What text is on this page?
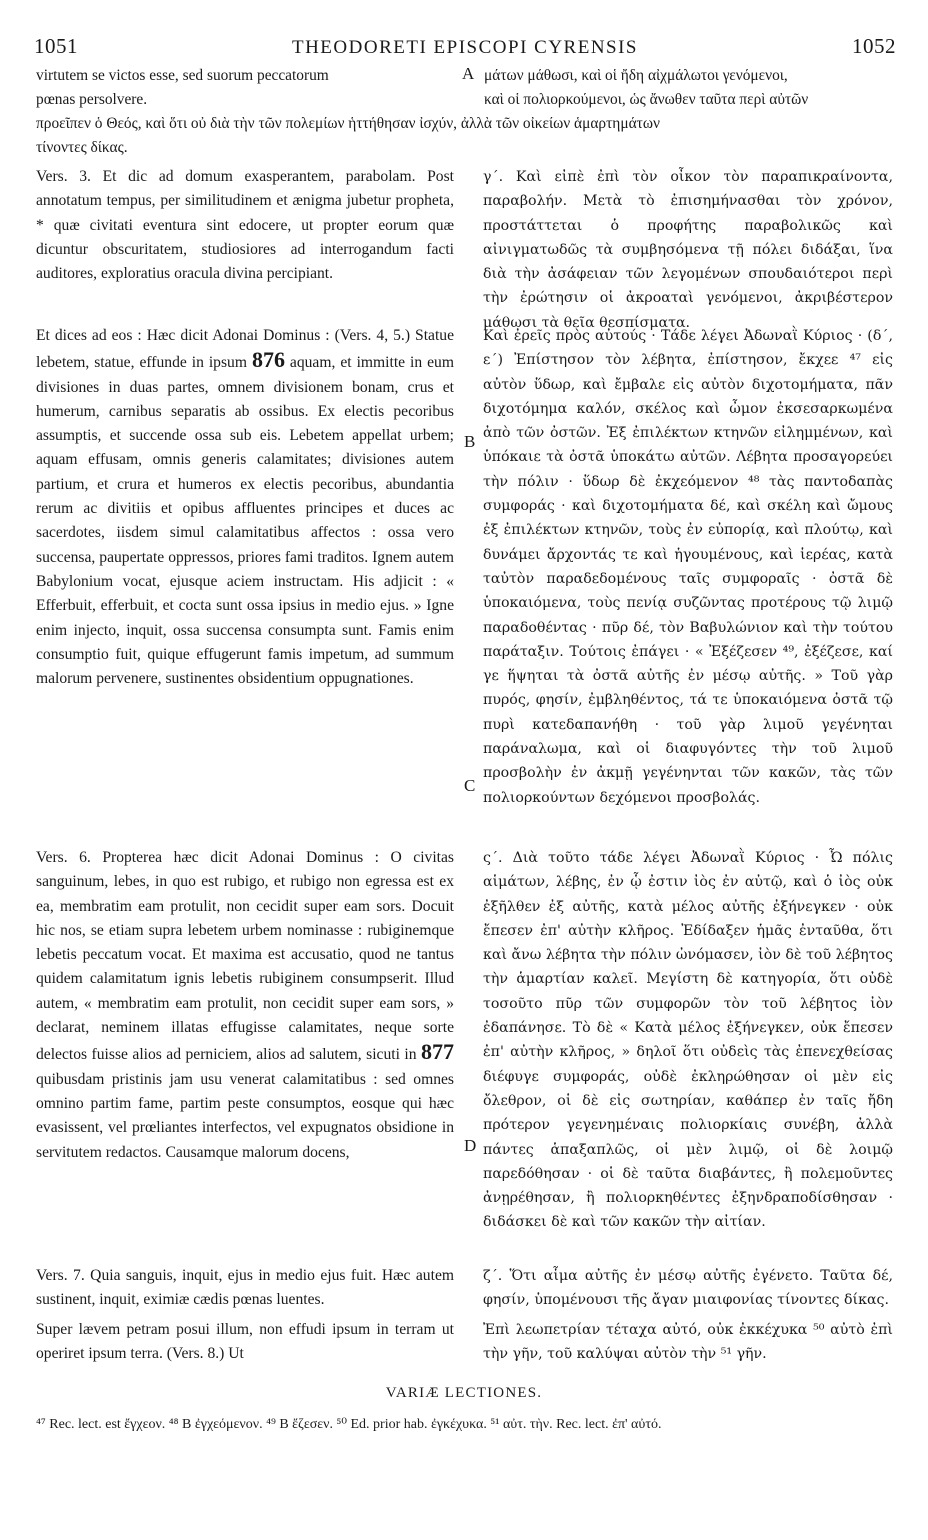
1051	THEODORETI EPISCOPI CYRENSIS	1052
virtutem se victos esse, sed suorum peccatorum	A μάτων μάθωσι, καὶ οἱ ἤδη αἰχμάλωτοι γενόμενοι,
pœnas persolvere.	καὶ οἱ πολιορκούμενοι, ὡς ἄνωθεν ταῦτα περὶ αὐτῶν
προεῖπεν ὁ Θεός, καὶ ὅτι οὐ διὰ τὴν τῶν πολεμίων ἡττήθησαν ἰσχύν, ἀλλὰ τῶν οἰκείων ἁμαρτημάτων
τίνοντες δίκας.
Vers. 3. Et dic ad domum exasperantem, parabolam. Post annotatum tempus, per similitudinem et ænigma jubetur propheta, * quæ civitati eventura sint edocere, ut propter eorum quæ dicuntur obscuritatem, studiosiores ad interrogandum facti auditores, exploratius oracula divina percipiant.
Et dices ad eos : Hæc dicit Adonai Dominus : (Vers. 4, 5.) Statue lebetem, statue, effunde in ipsum 876 aquam, et immitte in eum divisiones in duas partes, omnem divisionem bonam, crus et humerum, carnibus separatis ab ossibus. Ex electis pecoribus assumptis, et succende ossa sub eis. Lebetem appellat urbem; aquam effusam, omnis generis calamitates; divisiones autem partium, et crura et humeros ex electis pecoribus, abundantia rerum ac divitiis et opibus affluentes principes et duces ac sacerdotes, iisdem simul calamitatibus affectos : ossa vero succensa, paupertate oppressos, priores fami traditos. Ignem autem Babylonium vocat, ejusque aciem instructam. His adjicit : « Efferbuit, efferbuit, et cocta sunt ossa ipsius in medio ejus. » Igne enim injecto, inquit, ossa succensa consumpta sunt. Famis enim consumptio fuit, quique effugerunt famis impetum, ad summum malorum pervenere, sustinentes obsidentium oppugnationes.
Vers. 6. Propterea hæc dicit Adonai Dominus : O civitas sanguinum, lebes, in quo est rubigo, et rubigo non egressa est ex ea, membratim eam protulit, non cecidit super eam sors. Docuit hic nos, se etiam supra lebetem urbem nominasse : rubiginemque lebetis peccatum vocat. Et maxima est accusatio, quod ne tantus quidem calamitatum ignis lebetis rubiginem consumpserit. Illud autem, « membratim eam protulit, non cecidit super eam sors, » declarat, neminem illatas effugisse calamitates, neque sorte delectos fuisse alios ad perniciem, alios ad salutem, sicuti in 877 quibusdam pristinis jam usu venerat calamitatibus : sed omnes omnino partim fame, partim peste consumptos, eosque qui hæc evasissent, vel prœliantes interfectos, vel expugnatos obsidione in servitutem redactos. Causamque malorum docens,
Vers. 7. Quia sanguis, inquit, ejus in medio ejus fuit. Hæc autem sustinent, inquit, eximiæ cædis pœnas luentes.
Super lævem petram posui illum, non effudi ipsum in terram ut operiret ipsum terra. (Vers. 8.) Ut
B
C
D
γ΄. Καὶ εἰπὲ ἐπὶ τὸν οἶκον τὸν παραπικραίνοντα, παραβολήν. Μετὰ τὸ ἐπισημήνασθαι τὸν χρόνον, προστάττεται ὁ προφήτης παραβολικῶς καὶ αἰνιγματωδῶς τὰ συμβησόμενα τῇ πόλει διδάξαι, ἵνα διὰ τὴν ἀσάφειαν τῶν λεγομένων σπουδαιότεροι περὶ τὴν ἐρώτησιν οἱ ἀκροαταὶ γενόμενοι, ἀκριβέστερον μάθωσι τὰ θεῖα θεσπίσματα.
Καὶ ἐρεῖς πρὸς αὐτούς · Τάδε λέγει Ἀδωναῒ Κύριος · (δ΄, ε΄) Ἐπίστησον τὸν λέβητα, ἐπίστησον, ἔκχεε ⁴⁷ εἰς αὐτὸν ὕδωρ, καὶ ἔμβαλε εἰς αὐτὸν διχοτομήματα, πᾶν διχοτόμημα καλόν, σκέλος καὶ ὦμον ἐκσεσαρκωμένα ἀπὸ τῶν ὀστῶν. Ἐξ ἐπιλέκτων κτηνῶν εἰλημμένων, καὶ ὑπόκαιε τὰ ὀστᾶ ὑποκάτω αὐτῶν. Λέβητα προσαγορεύει τὴν πόλιν · ὕδωρ δὲ ἐκχεόμενον ⁴⁸ τὰς παντοδαπὰς συμφοράς · καὶ διχοτομήματα δέ, καὶ σκέλη καὶ ὤμους ἐξ ἐπιλέκτων κτηνῶν, τοὺς ἐν εὐπορίᾳ, καὶ πλούτῳ, καὶ δυνάμει ἄρχοντάς τε καὶ ἡγουμένους, καὶ ἱερέας, κατὰ ταὐτὸν παραδεδομένους ταῖς συμφοραῖς · ὀστᾶ δὲ ὑποκαιόμενα, τοὺς πενίᾳ συζῶντας προτέρους τῷ λιμῷ παραδοθέντας · πῦρ δέ, τὸν Βαβυλώνιον καὶ τὴν τούτου παράταξιν. Τούτοις ἐπάγει · « Ἐξέζεσεν ⁴⁹, ἐξέζεσε, καί γε ἥψηται τὰ ὀστᾶ αὐτῆς ἐν μέσῳ αὐτῆς. » Τοῦ γὰρ πυρός, φησίν, ἐμβληθέντος, τά τε ὑποκαιόμενα ὀστᾶ τῷ πυρὶ κατεδαπανήθη · τοῦ γὰρ λιμοῦ γεγένηται παράναλωμα, καὶ οἱ διαφυγόντες τὴν τοῦ λιμοῦ προσβολὴν ἐν ἀκμῇ γεγένηνται τῶν κακῶν, τὰς τῶν πολιορκούντων δεχόμενοι προσβολάς.
ς΄. Διὰ τοῦτο τάδε λέγει Ἀδωναῒ Κύριος · Ὦ πόλις αἱμάτων, λέβης, ἐν ᾧ ἐστιν ἰὸς ἐν αὐτῷ, καὶ ὁ ἰὸς οὐκ ἐξῆλθεν ἐξ αὐτῆς, κατὰ μέλος αὐτῆς ἐξήνεγκεν · οὐκ ἔπεσεν ἐπ' αὐτὴν κλῆρος. Ἐδίδαξεν ἡμᾶς ἐνταῦθα, ὅτι καὶ ἄνω λέβητα τὴν πόλιν ὠνόμασεν, ἰὸν δὲ τοῦ λέβητος τὴν ἁμαρτίαν καλεῖ. Μεγίστη δὲ κατηγορία, ὅτι οὐδὲ τοσοῦτο πῦρ τῶν συμφορῶν τὸν τοῦ λέβητος ἰὸν ἐδαπάνησε. Τὸ δὲ « Κατὰ μέλος ἐξήνεγκεν, οὐκ ἔπεσεν ἐπ' αὐτὴν κλῆρος, » δηλοῖ ὅτι οὐδεὶς τὰς ἐπενεχθείσας διέφυγε συμφοράς, οὐδὲ ἐκληρώθησαν οἱ μὲν εἰς ὄλεθρον, οἱ δὲ εἰς σωτηρίαν, καθάπερ ἐν ταῖς ἤδη πρότερον γεγενημέναις πολιορκίαις συνέβη, ἀλλὰ πάντες ἁπαξαπλῶς, οἱ μὲν λιμῷ, οἱ δὲ λοιμῷ παρεδόθησαν · οἱ δὲ ταῦτα διαβάντες, ἢ πολεμοῦντες ἀνῃρέθησαν, ἢ πολιορκηθέντες ἐξηνδραποδίσθησαν · διδάσκει δὲ καὶ τῶν κακῶν τὴν αἰτίαν.
ζ΄. Ὅτι αἷμα αὐτῆς ἐν μέσῳ αὐτῆς ἐγένετο. Ταῦτα δέ, φησίν, ὑπομένουσι τῆς ἄγαν μιαιφονίας τίνοντες δίκας.
Ἐπὶ λεωπετρίαν τέταχα αὐτό, οὐκ ἐκκέχυκα ⁵⁰ αὐτὸ ἐπὶ τὴν γῆν, τοῦ καλύψαι αὐτὸν τὴν ⁵¹ γῆν.
VARIÆ LECTIONES.
⁴⁷ Rec. lect. est ἔγχεον. ⁴⁸ B ἐγχεόμενον. ⁴⁹ B ἔζεσεν. ⁵⁰ Ed. prior hab. ἐγκέχυκα. ⁵¹ αὐτ. τὴν. Rec. lect. ἐπ' αὐτό.
